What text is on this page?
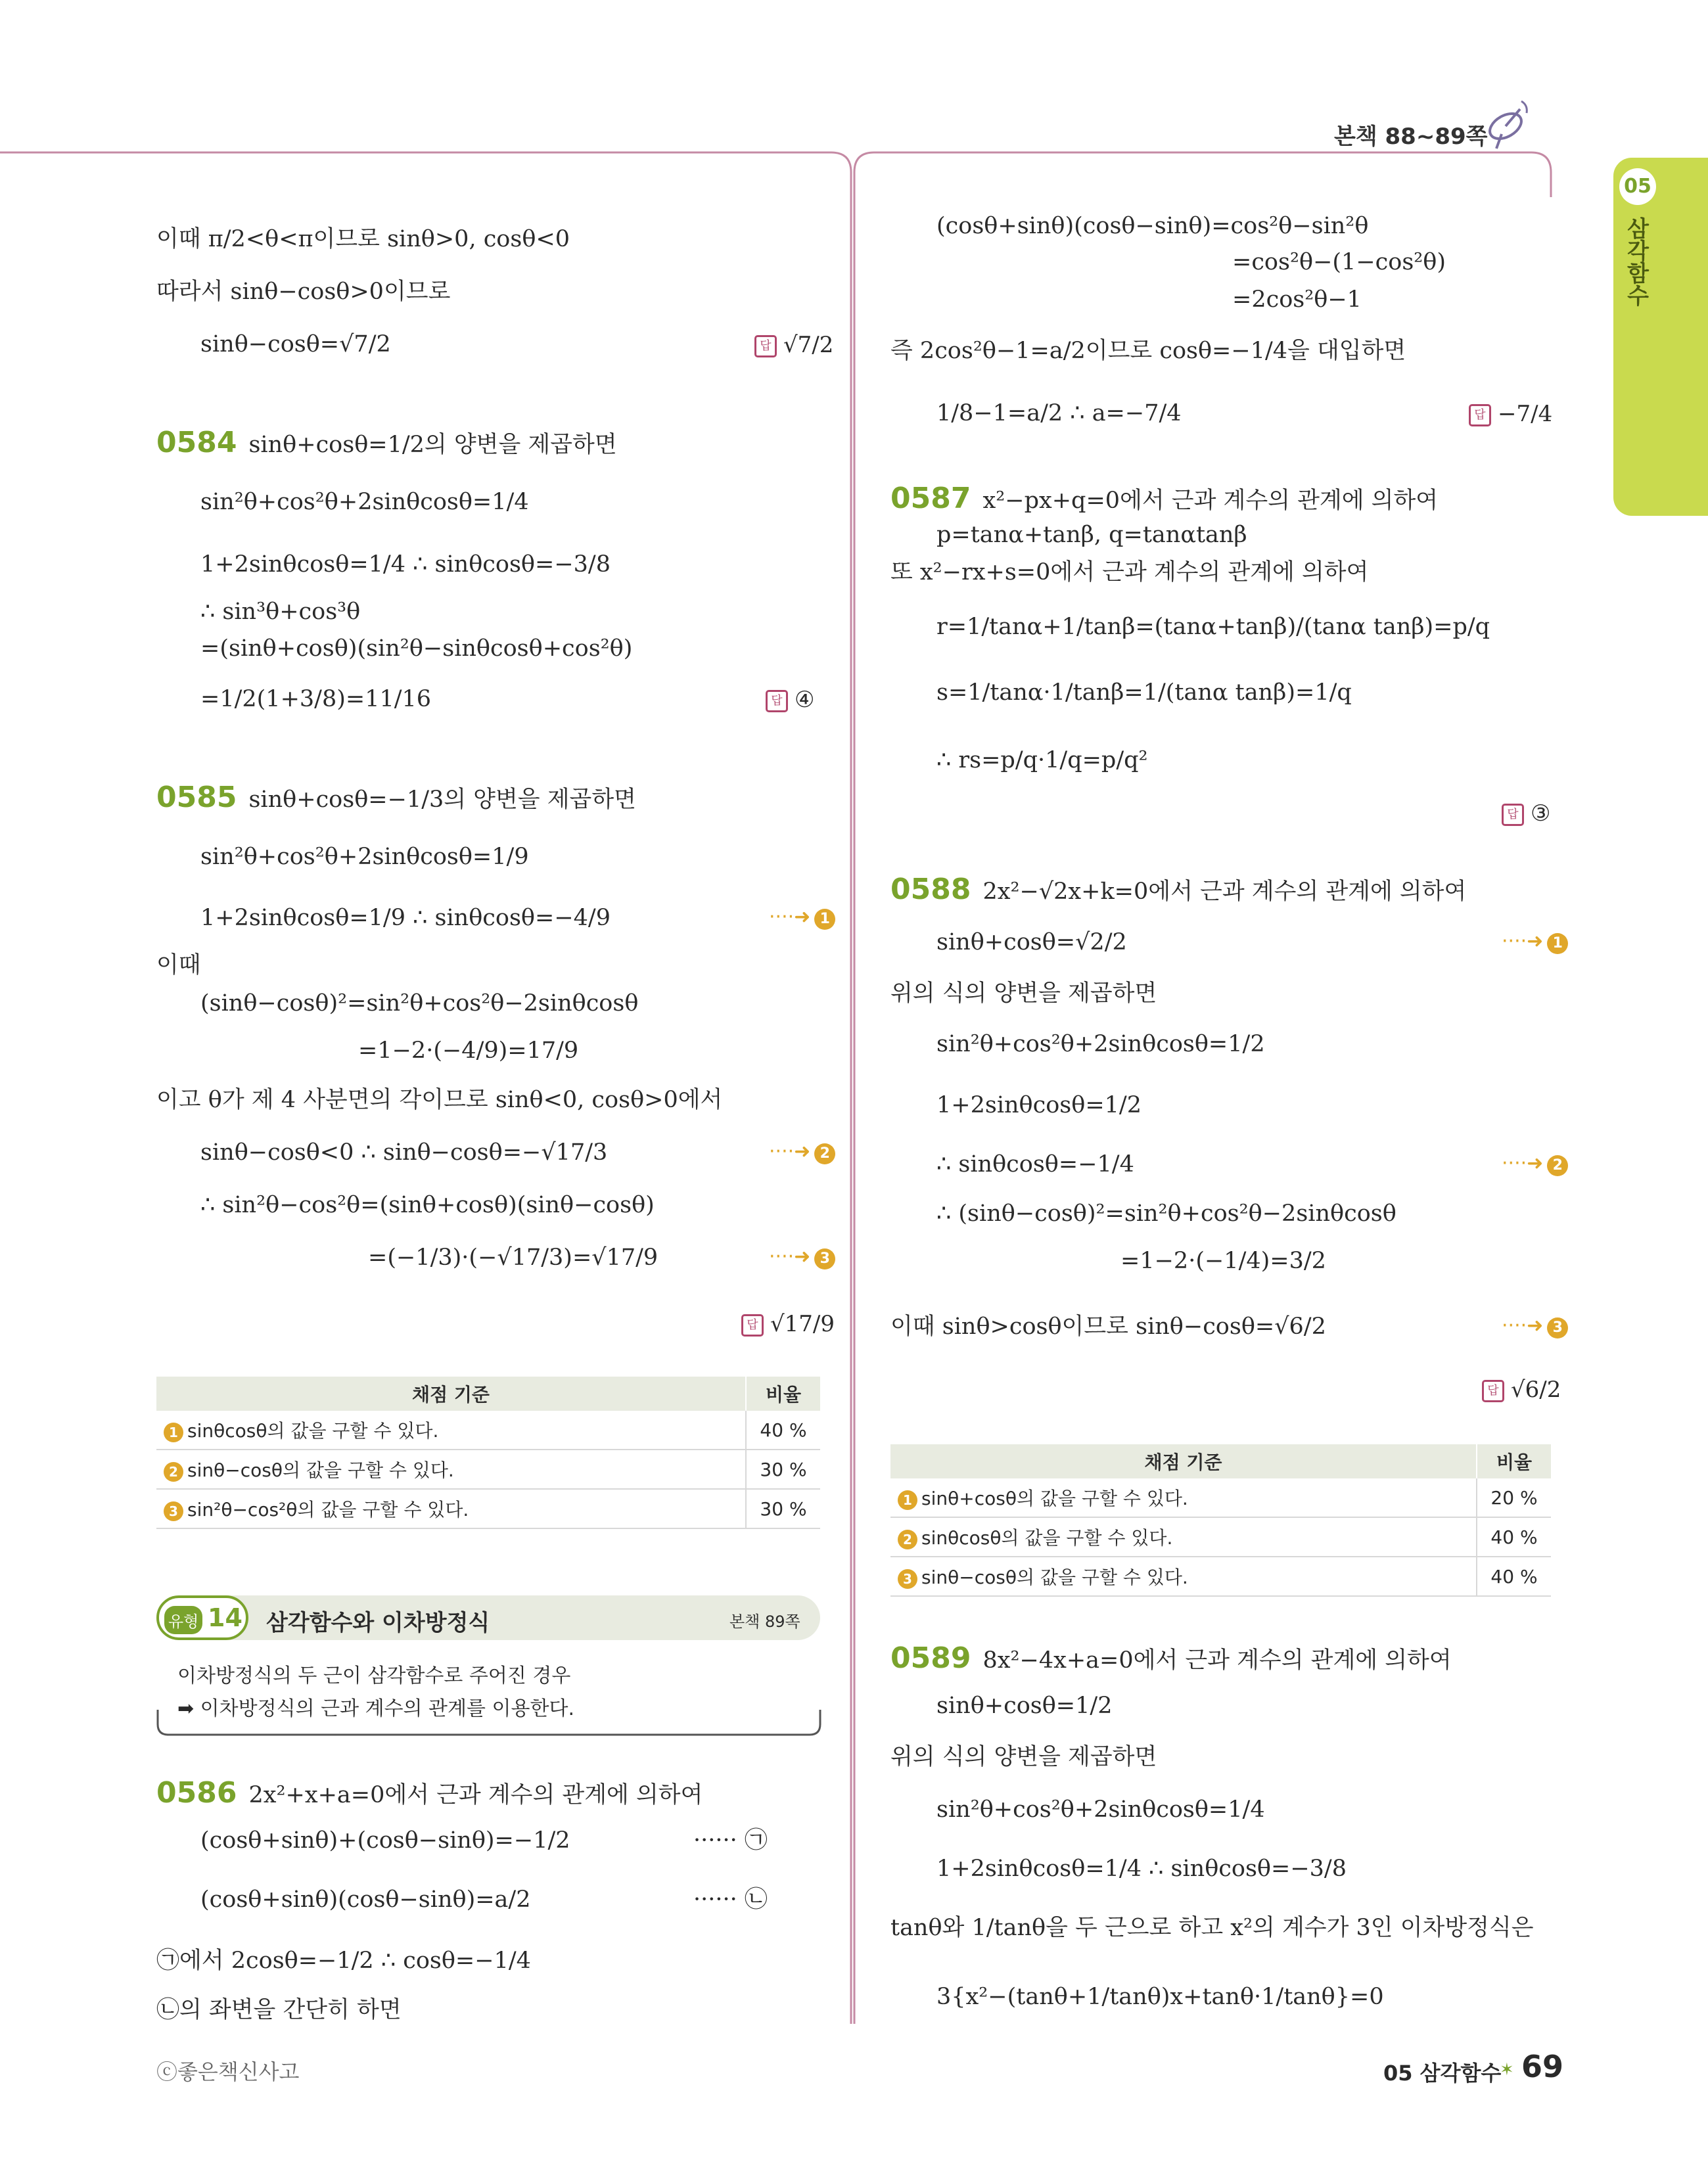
본책 88~89쪽
05
삼각함수
이때 π/2<θ<π이므로 sinθ>0, cosθ<0
따라서 sinθ−cosθ>0이므로
sinθ−cosθ=√7/2	답 √7/2
0584 sinθ+cosθ=1/2의 양변을 제곱하면
sin²θ+cos²θ+2sinθcosθ=1/4
1+2sinθcosθ=1/4 ∴ sinθcosθ=−3/8
∴ sin³θ+cos³θ
=(sinθ+cosθ)(sin²θ−sinθcosθ+cos²θ)
=1/2(1+3/8)=11/16	답 ④
0585 sinθ+cosθ=−1/3의 양변을 제곱하면
sin²θ+cos²θ+2sinθcosθ=1/9
1+2sinθcosθ=1/9 ∴ sinθcosθ=−4/9	····➜ 1
이때
(sinθ−cosθ)²=sin²θ+cos²θ−2sinθcosθ
=1−2·(−4/9)=17/9
이고 θ가 제 4 사분면의 각이므로 sinθ<0, cosθ>0에서
sinθ−cosθ<0 ∴ sinθ−cosθ=−√17/3	····➜ 2
∴ sin²θ−cos²θ=(sinθ+cosθ)(sinθ−cosθ)
=(−1/3)·(−√17/3)=√17/9	····➜ 3
답 √17/9
채점 기준	비율
1 sinθcosθ의 값을 구할 수 있다.	40 %
2 sinθ−cosθ의 값을 구할 수 있다.	30 %
3 sin²θ−cos²θ의 값을 구할 수 있다.	30 %
유형 14 삼각함수와 이차방정식	본책 89쪽
이차방정식의 두 근이 삼각함수로 주어진 경우
➡ 이차방정식의 근과 계수의 관계를 이용한다.
0586 2x²+x+a=0에서 근과 계수의 관계에 의하여
(cosθ+sinθ)+(cosθ−sinθ)=−1/2	······ ㉠
(cosθ+sinθ)(cosθ−sinθ)=a/2	······ ㉡
㉠에서 2cosθ=−1/2 ∴ cosθ=−1/4
㉡의 좌변을 간단히 하면
(cosθ+sinθ)(cosθ−sinθ)=cos²θ−sin²θ
=cos²θ−(1−cos²θ)
=2cos²θ−1
즉 2cos²θ−1=a/2이므로 cosθ=−1/4을 대입하면
1/8−1=a/2 ∴ a=−7/4	답 −7/4
0587 x²−px+q=0에서 근과 계수의 관계에 의하여
p=tanα+tanβ, q=tanαtanβ
또 x²−rx+s=0에서 근과 계수의 관계에 의하여
r=1/tanα+1/tanβ=(tanα+tanβ)/(tanα tanβ)=p/q
s=1/tanα·1/tanβ=1/(tanα tanβ)=1/q
∴ rs=p/q·1/q=p/q²
답 ③
0588 2x²−√2x+k=0에서 근과 계수의 관계에 의하여
sinθ+cosθ=√2/2	····➜ 1
위의 식의 양변을 제곱하면
sin²θ+cos²θ+2sinθcosθ=1/2
1+2sinθcosθ=1/2
∴ sinθcosθ=−1/4	····➜ 2
∴ (sinθ−cosθ)²=sin²θ+cos²θ−2sinθcosθ
=1−2·(−1/4)=3/2
이때 sinθ>cosθ이므로 sinθ−cosθ=√6/2	····➜ 3
답 √6/2
채점 기준	비율
1 sinθ+cosθ의 값을 구할 수 있다.	20 %
2 sinθcosθ의 값을 구할 수 있다.	40 %
3 sinθ−cosθ의 값을 구할 수 있다.	40 %
0589 8x²−4x+a=0에서 근과 계수의 관계에 의하여
sinθ+cosθ=1/2
위의 식의 양변을 제곱하면
sin²θ+cos²θ+2sinθcosθ=1/4
1+2sinθcosθ=1/4 ∴ sinθcosθ=−3/8
tanθ와 1/tanθ을 두 근으로 하고 x²의 계수가 3인 이차방정식은
3{x²−(tanθ+1/tanθ)x+tanθ·1/tanθ}=0
ⓒ좋은책신사고	05 삼각함수
✶ 69
